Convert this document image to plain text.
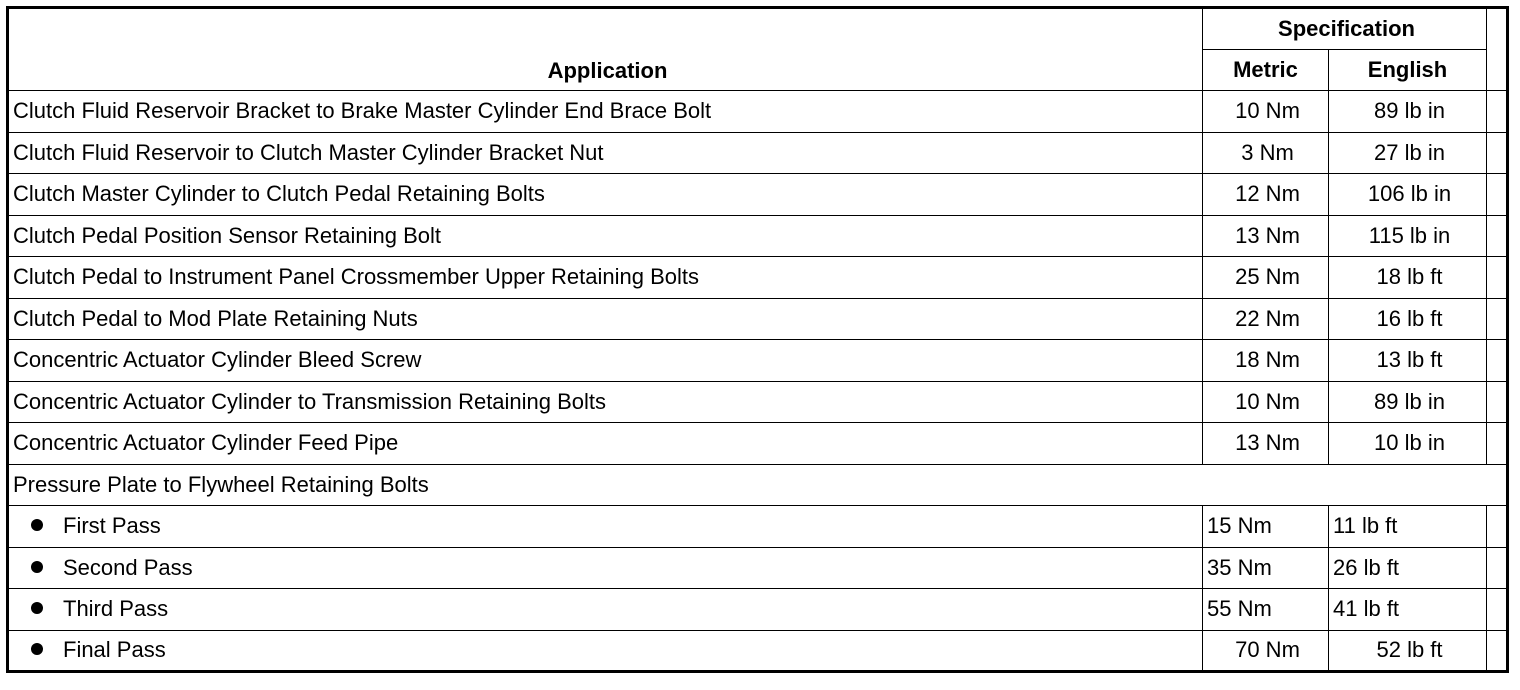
Application	Specification		
	Metric	English	
Clutch Fluid Reservoir Bracket to Brake Master Cylinder End Brace Bolt	10 Nm	89 lb in	
Clutch Fluid Reservoir to Clutch Master Cylinder Bracket Nut	3 Nm	27 lb in	
Clutch Master Cylinder to Clutch Pedal Retaining Bolts	12 Nm	106 lb in	
Clutch Pedal Position Sensor Retaining Bolt	13 Nm	115 lb in	
Clutch Pedal to Instrument Panel Crossmember Upper Retaining Bolts	25 Nm	18 lb ft	
Clutch Pedal to Mod Plate Retaining Nuts	22 Nm	16 lb ft	
Concentric Actuator Cylinder Bleed Screw	18 Nm	13 lb ft	
Concentric Actuator Cylinder to Transmission Retaining Bolts	10 Nm	89 lb in	
Concentric Actuator Cylinder Feed Pipe	13 Nm	10 lb in	
Pressure Plate to Flywheel Retaining Bolts			
First Pass	15 Nm	11 lb ft	
Second Pass	35 Nm	26 lb ft	
Third Pass	55 Nm	41 lb ft	
Final Pass	70 Nm	52 lb ft	
